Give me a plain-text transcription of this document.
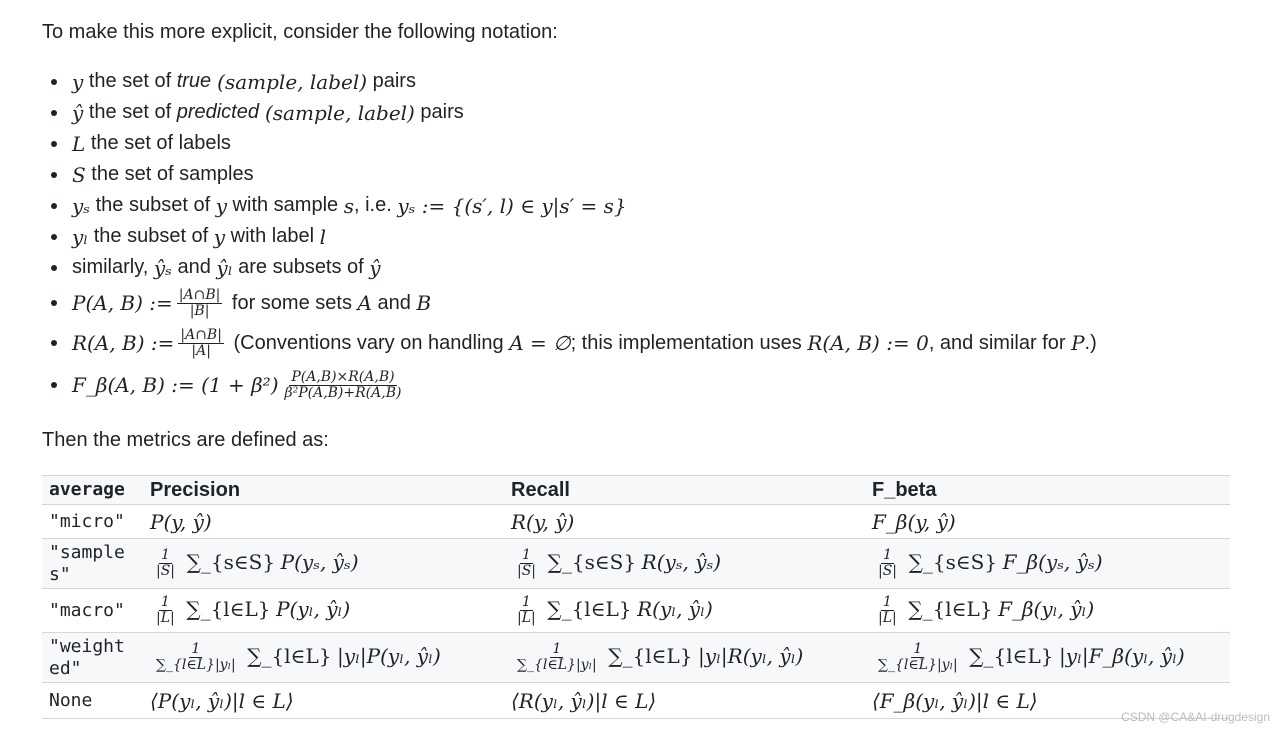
To make this more explicit, consider the following notation:

y the set of true (sample, label) pairs
ŷ the set of predicted (sample, label) pairs
L the set of labels
S the set of samples
yₛ the subset of y with sample s , i.e. yₛ := {(s′, l) ∈ y|s′ = s}
yₗ the subset of y with label l
similarly, ŷₛ and ŷₗ are subsets of ŷ
P(A, B) := $\frac{|A\cap B|}{|B|}$ for some sets A and B
R(A, B) := $\frac{|A\cap B|}{|A|}$ (Conventions vary on handling A = ∅ ; this implementation uses R(A, B) := 0 , and similar for P .)
F_β(A, B) := $(1 + \beta^2) \frac{P(A,B)\times R(A,B)}{\text{β²P(A,B)+R(A,B)}}$

Then the metrics are defined as:

average	Precision	Recall	F_beta
"micro"	P(y, ŷ)	R(y, ŷ)	F_β(y, ŷ)

"samples"	$\frac{1}{|S|}$ ∑_{s∈S} P(yₛ, ŷₛ)	$\frac{1}{|S|}$ ∑_{s∈S} R(yₛ, ŷₛ)	$\frac{1}{|S|}$ ∑_{s∈S} F_β(yₛ, ŷₛ)
"macro"	$\frac{1}{|L|}$ ∑_{l∈L} P(yₗ, ŷₗ)	$\frac{1}{|L|}$ ∑_{l∈L} R(yₗ, ŷₗ)	$\frac{1}{|L|}$ ∑_{l∈L} F_β(yₗ, ŷₗ)

"weighted"	$\frac{1}{\text{∑\_\{l∈L\}|yₗ|}}$ ∑_{l∈L} |yₗ|P(yₗ, ŷₗ)	$\frac{1}{\text{∑\_\{l∈L\}|yₗ|}}$ ∑_{l∈L} |yₗ|R(yₗ, ŷₗ)	$\frac{1}{\text{∑\_\{l∈L\}|yₗ|}}$ ∑_{l∈L} |yₗ|F_β(yₗ, ŷₗ)
None	⟨P(yₗ, ŷₗ)|l ∈ L⟩	⟨R(yₗ, ŷₗ)|l ∈ L⟩	⟨F_β(yₗ, ŷₗ)|l ∈ L⟩
CSDN @CA&AI-drugdesign
